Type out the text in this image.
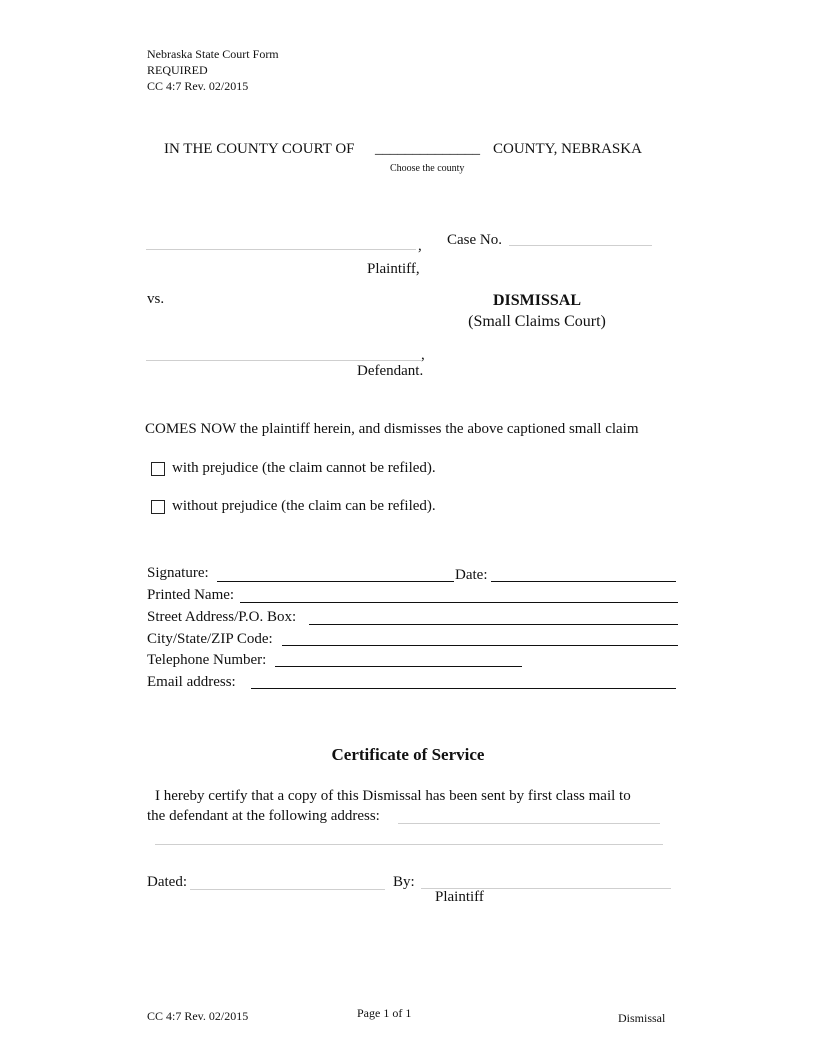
Nebraska State Court Form
REQUIRED
CC 4:7 Rev. 02/2015
IN THE COUNTY COURT OF ______________ COUNTY, NEBRASKA
Choose the county
, Case No.
Plaintiff,
vs.	DISMISSAL
(Small Claims Court)
,
Defendant.
COMES NOW the plaintiff herein, and dismisses the above captioned small claim
with prejudice (the claim cannot be refiled).
without prejudice (the claim can be refiled).
Signature:	Date:
Printed Name:
Street Address/P.O. Box:
City/State/ZIP Code:
Telephone Number:
Email address:
Certificate of Service
I hereby certify that a copy of this Dismissal has been sent by first class mail to
the defendant at the following address:
Dated:	By:
Plaintiff
CC 4:7 Rev. 02/2015	Page 1 of 1	Dismissal
